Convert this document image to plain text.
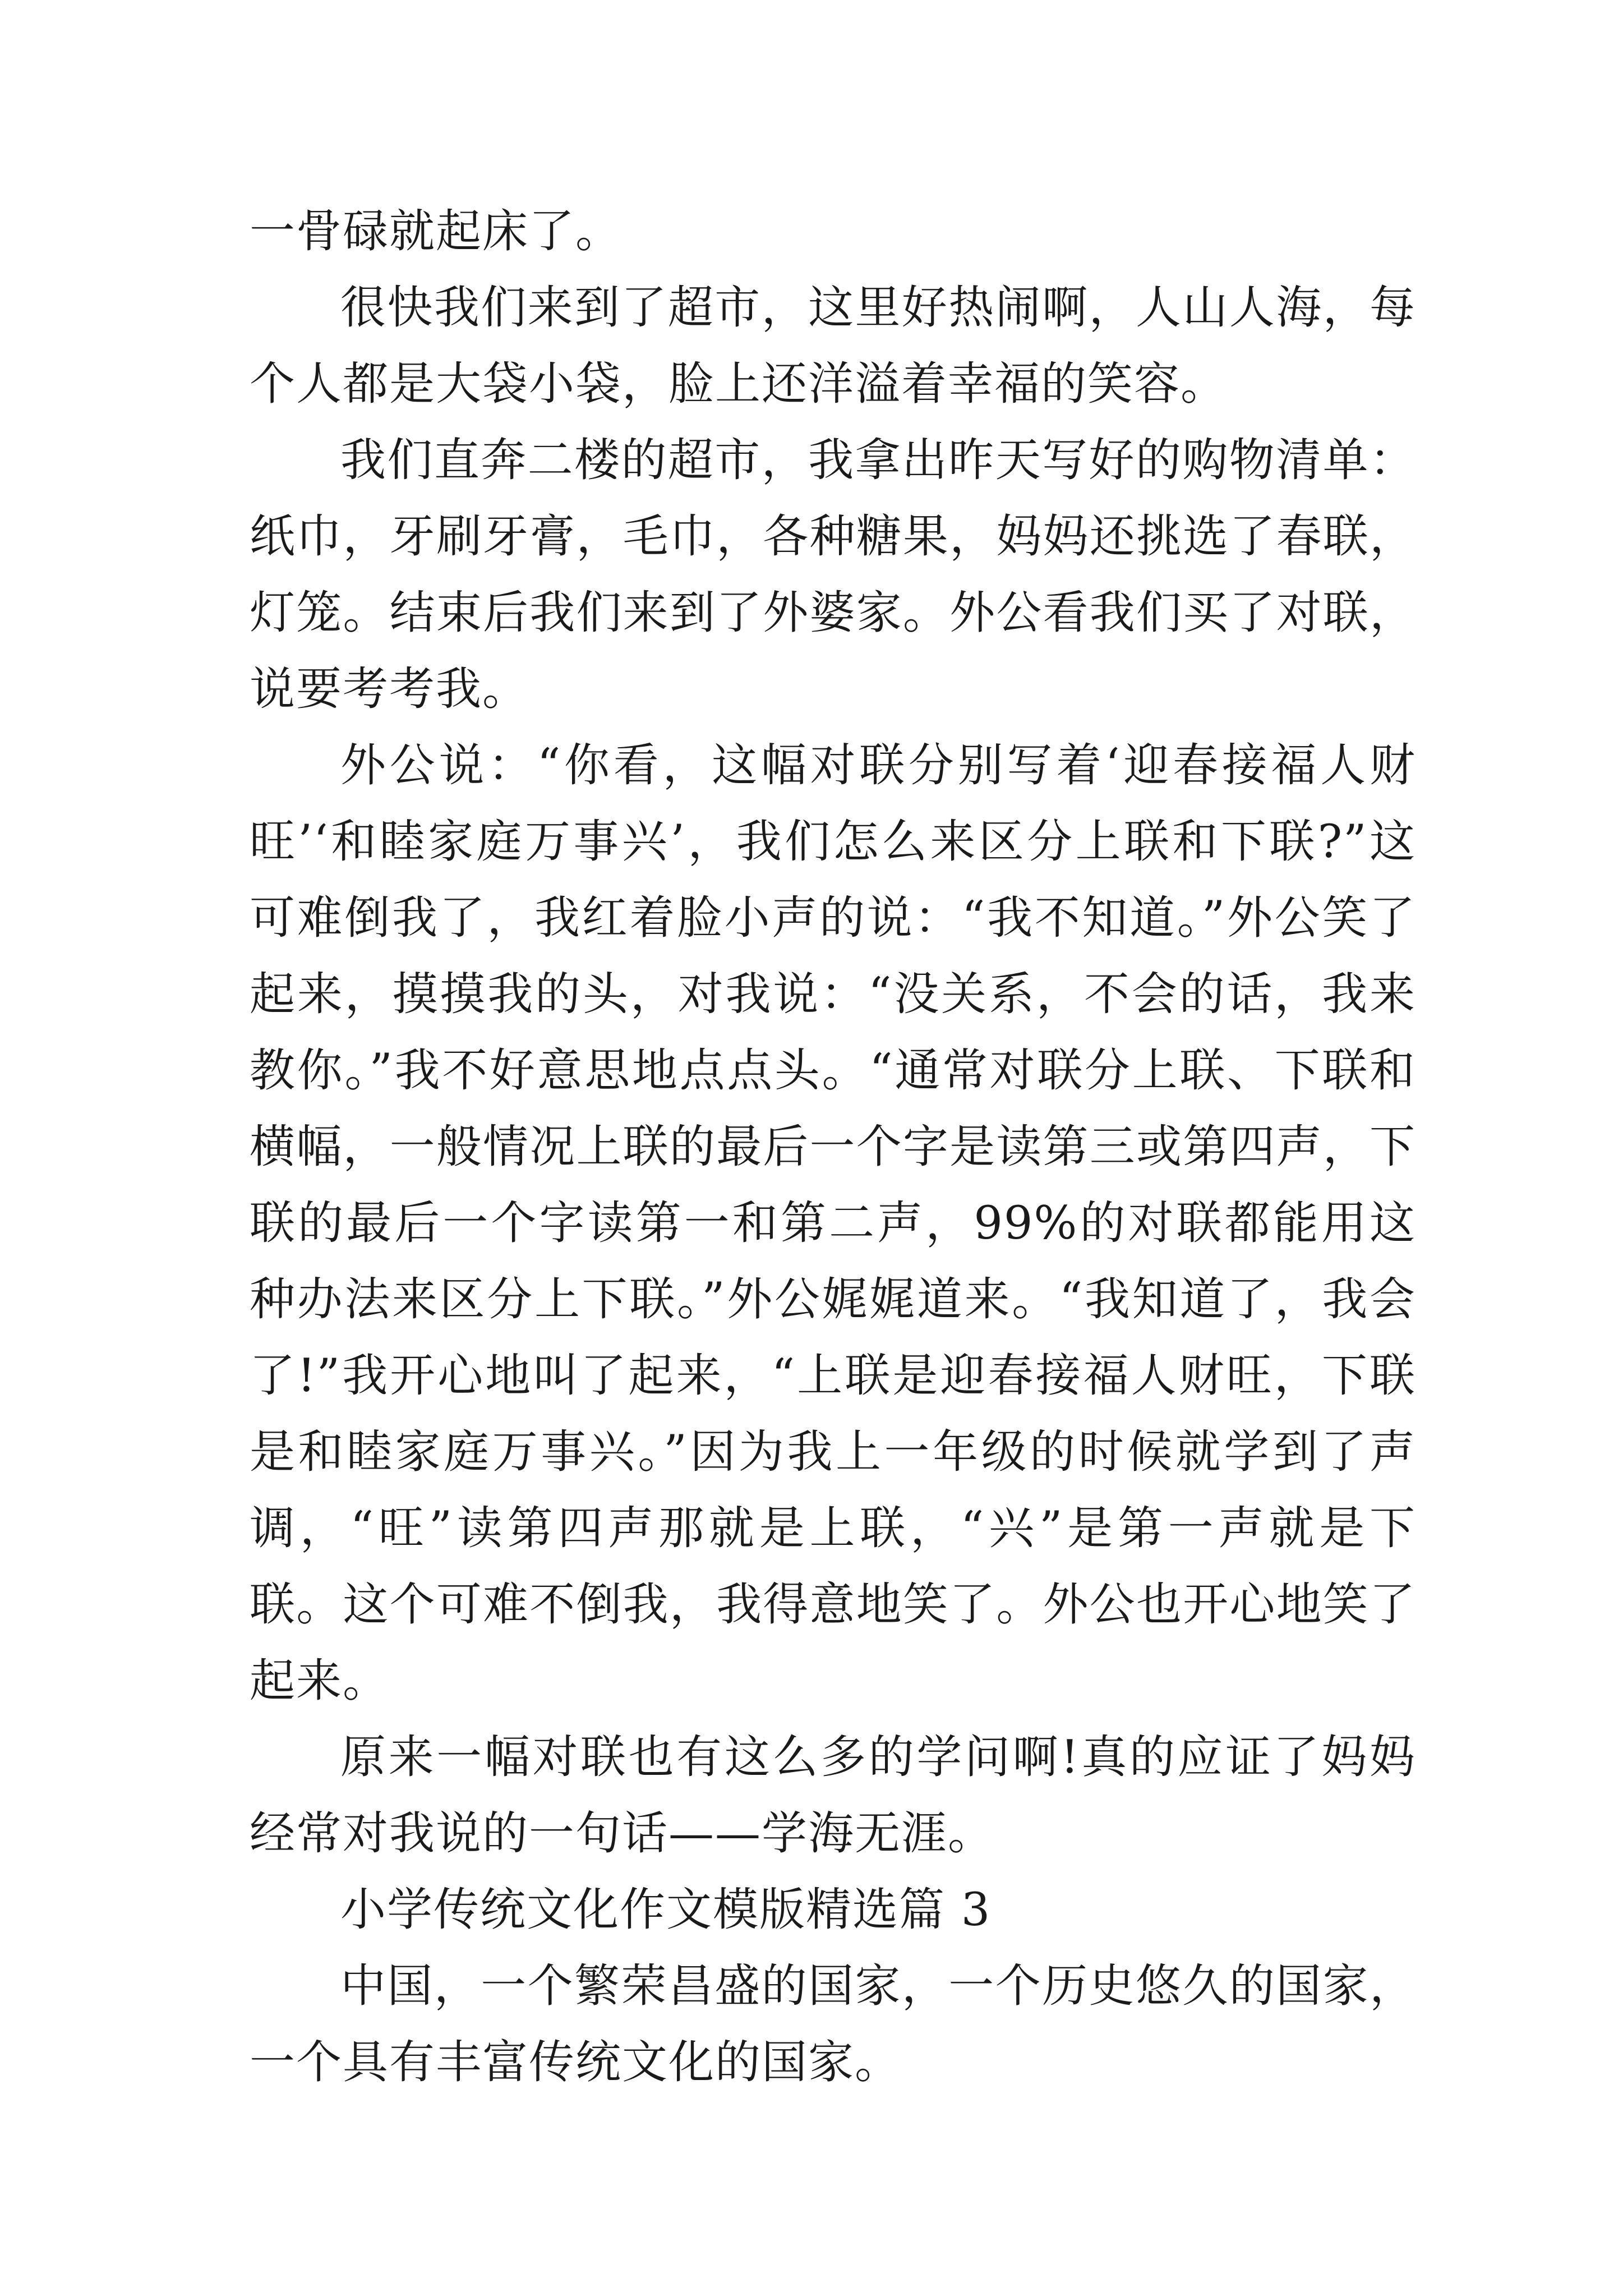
一骨碌就起床了。

很快我们来到了超市，这里好热闹啊，人山人海，每个人都是大袋小袋，脸上还洋溢着幸福的笑容。

我们直奔二楼的超市，我拿出昨天写好的购物清单：纸巾，牙刷牙膏，毛巾，各种糖果，妈妈还挑选了春联，灯笼。结束后我们来到了外婆家。外公看我们买了对联，说要考考我。

外公说：“你看，这幅对联分别写着‘迎春接福人财旺’‘和睦家庭万事兴’，我们怎么来区分上联和下联?”这可难倒我了，我红着脸小声的说：“我不知道。”外公笑了起来，摸摸我的头，对我说：“没关系，不会的话，我来教你。”我不好意思地点点头。“通常对联分上联、下联和横幅，一般情况上联的最后一个字是读第三或第四声，下联的最后一个字读第一和第二声，99%的对联都能用这种办法来区分上下联。”外公娓娓道来。“我知道了，我会了!”我开心地叫了起来，“上联是迎春接福人财旺，下联是和睦家庭万事兴。”因为我上一年级的时候就学到了声调，“旺”读第四声那就是上联，“兴”是第一声就是下联。这个可难不倒我，我得意地笑了。外公也开心地笑了起来。

原来一幅对联也有这么多的学问啊!真的应证了妈妈经常对我说的一句话——学海无涯。

小学传统文化作文模版精选篇 3

中国，一个繁荣昌盛的国家，一个历史悠久的国家，一个具有丰富传统文化的国家。
